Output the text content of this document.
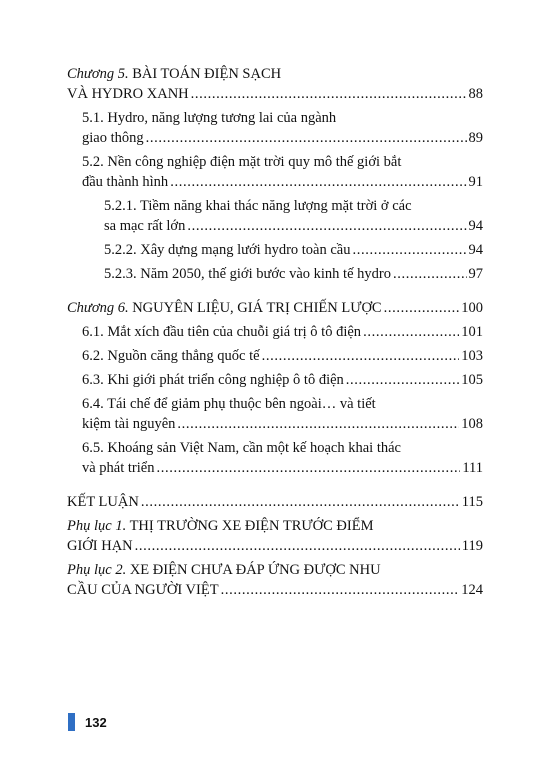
Chương 5. BÀI TOÁN ĐIỆN SẠCH
VÀ HYDRO XANH . . .	88
5.1. Hydro, năng lượng tương lai của ngành
giao thông . . .	89
5.2. Nền công nghiệp điện mặt trời quy mô thế giới bắt
đầu thành hình . . .	91
5.2.1. Tiềm năng khai thác năng lượng mặt trời ở các
sa mạc rất lớn . . .	94
5.2.2. Xây dựng mạng lưới hydro toàn cầu . . .	94
5.2.3. Năm 2050, thế giới bước vào kinh tế hydro . . .	97
Chương 6. NGUYÊN LIỆU, GIÁ TRỊ CHIẾN LƯỢC . . .	100
6.1. Mắt xích đầu tiên của chuỗi giá trị ô tô điện . . .	101
6.2. Nguồn căng thẳng quốc tế . . .	103
6.3. Khi giới phát triển công nghiệp ô tô điện . . .	105
6.4. Tái chế để giảm phụ thuộc bên ngoài… và tiết
kiệm tài nguyên . . .	108
6.5. Khoáng sản Việt Nam, cần một kế hoạch khai thác
và phát triển . . .	111
KẾT LUẬN . . .	115
Phụ lục 1. THỊ TRƯỜNG XE ĐIỆN TRƯỚC ĐIỂM
GIỚI HẠN . . .	119
Phụ lục 2. XE ĐIỆN CHƯA ĐÁP ỨNG ĐƯỢC NHU
CẦU CỦA NGƯỜI VIỆT . . .	124
132
